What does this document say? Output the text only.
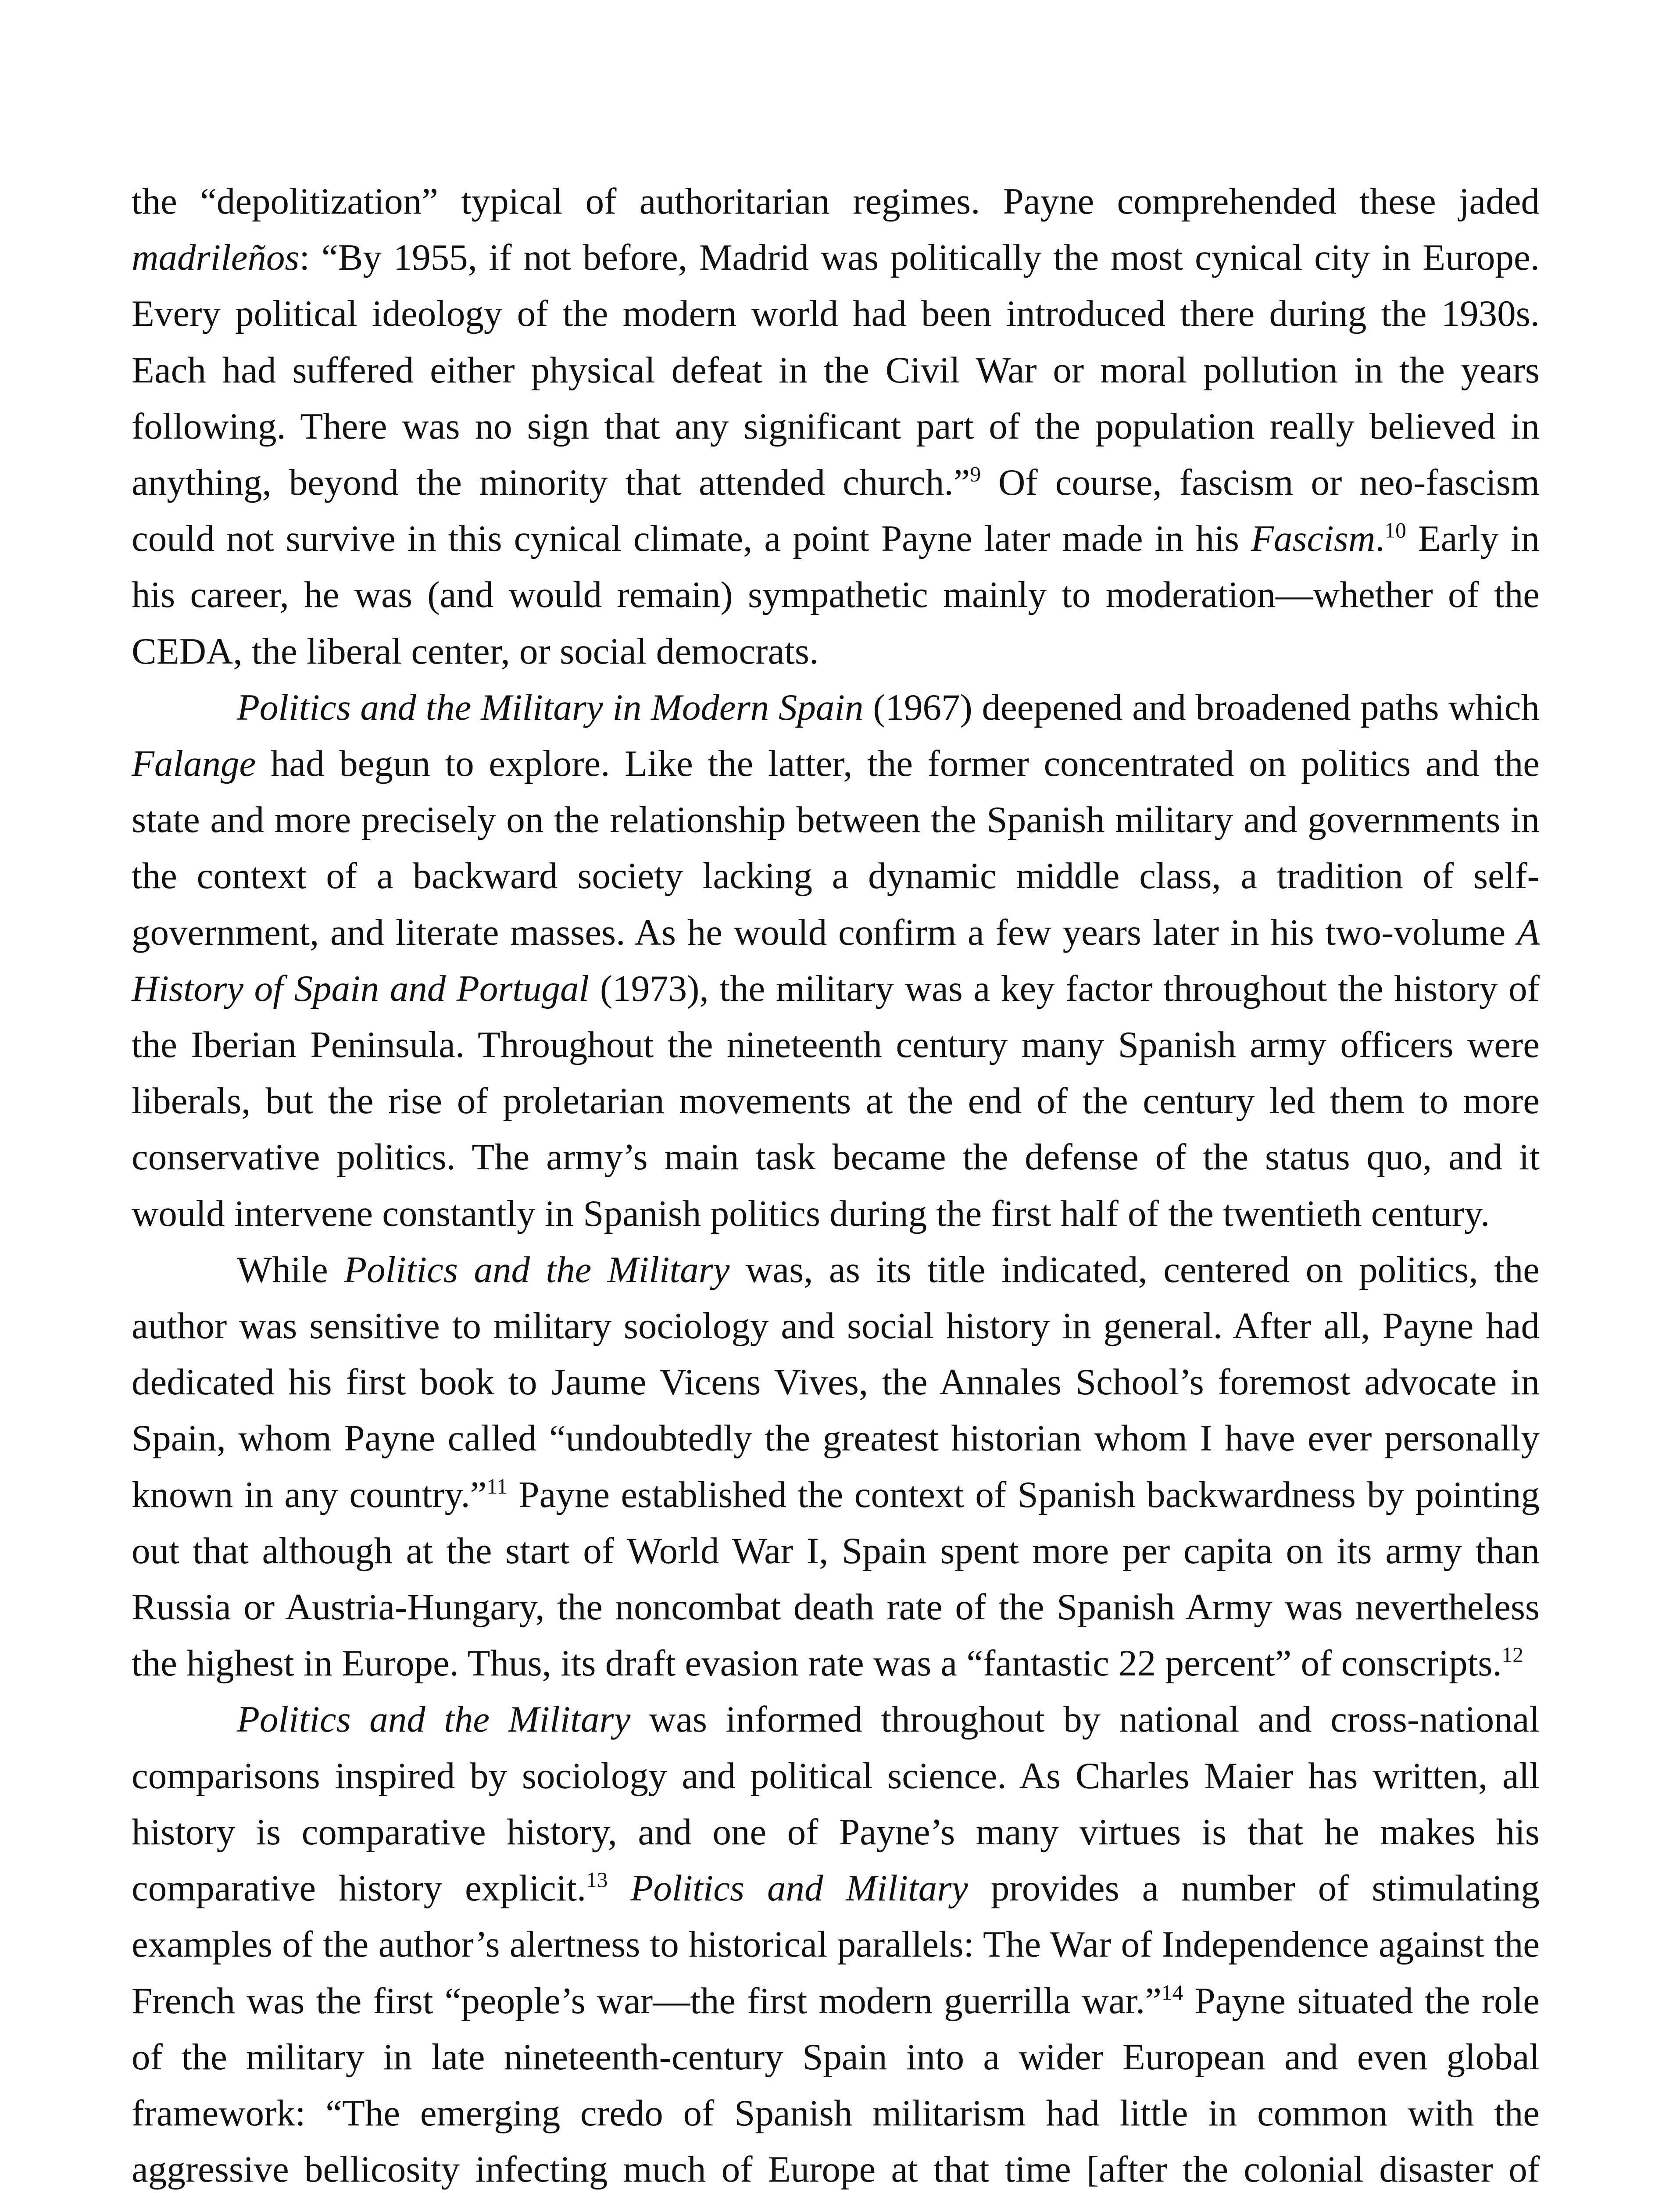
the “depolitization” typical of authoritarian regimes. Payne comprehended these jaded madrileños: “By 1955, if not before, Madrid was politically the most cynical city in Europe. Every political ideology of the modern world had been introduced there during the 1930s. Each had suffered either physical defeat in the Civil War or moral pollution in the years following. There was no sign that any significant part of the population really believed in anything, beyond the minority that attended church.”$^9$ Of course, fascism or neo-fascism could not survive in this cynical climate, a point Payne later made in his Fascism.$^{10}$ Early in his career, he was (and would remain) sympathetic mainly to moderation—whether of the CEDA, the liberal center, or social democrats.

Politics and the Military in Modern Spain (1967) deepened and broadened paths which Falange had begun to explore. Like the latter, the former concentrated on politics and the state and more precisely on the relationship between the Spanish military and governments in the context of a backward society lacking a dynamic middle class, a tradition of self-government, and literate masses. As he would confirm a few years later in his two-volume A History of Spain and Portugal (1973), the military was a key factor throughout the history of the Iberian Peninsula. Throughout the nineteenth century many Spanish army officers were liberals, but the rise of proletarian movements at the end of the century led them to more conservative politics. The army’s main task became the defense of the status quo, and it would intervene constantly in Spanish politics during the first half of the twentieth century.

While Politics and the Military was, as its title indicated, centered on politics, the author was sensitive to military sociology and social history in general. After all, Payne had dedicated his first book to Jaume Vicens Vives, the Annales School’s foremost advocate in Spain, whom Payne called “undoubtedly the greatest historian whom I have ever personally known in any country.”$^{11}$ Payne established the context of Spanish backwardness by pointing out that although at the start of World War I, Spain spent more per capita on its army than Russia or Austria-Hungary, the noncombat death rate of the Spanish Army was nevertheless the highest in Europe. Thus, its draft evasion rate was a “fantastic 22 percent” of conscripts.$^{12}$

Politics and the Military was informed throughout by national and cross-national comparisons inspired by sociology and political science. As Charles Maier has written, all history is comparative history, and one of Payne’s many virtues is that he makes his comparative history explicit.$^{13}$ Politics and Military provides a number of stimulating examples of the author’s alertness to historical parallels: The War of Independence against the French was the first “people’s war—the first modern guerrilla war.”$^{14}$ Payne situated the role of the military in late nineteenth-century Spain into a wider European and even global framework: “The emerging credo of Spanish militarism had little in common with the aggressive bellicosity infecting much of Europe at that time [after the colonial disaster of
